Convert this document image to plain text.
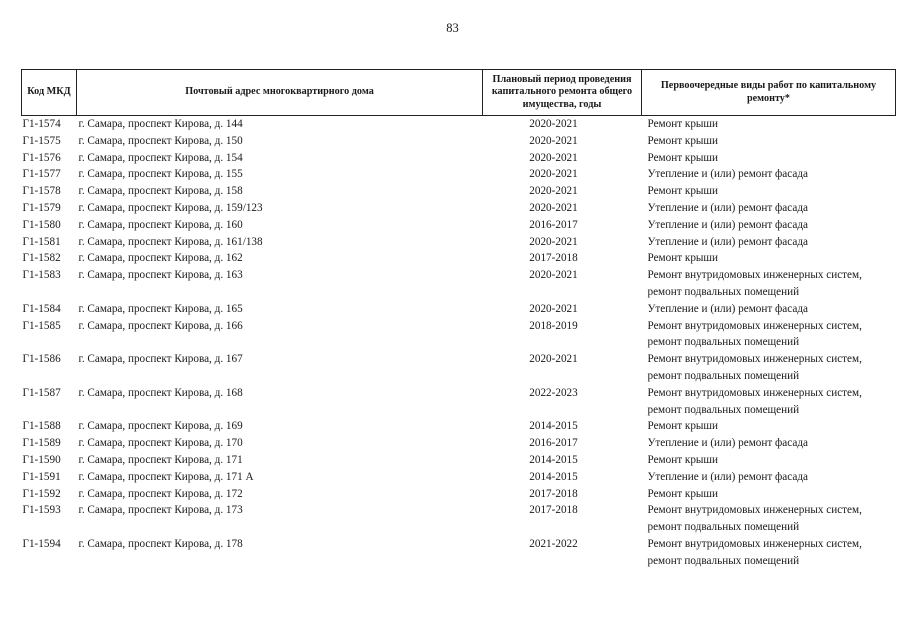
83
Код МКД	Почтовый адрес многоквартирного дома	Плановый период проведения капитального ремонта общего имущества, годы	Первоочередные виды работ по капитальному ремонту*
Г1-1574	г. Самара, проспект Кирова, д. 144	2020-2021	Ремонт крыши

Г1-1575	г. Самара, проспект Кирова, д. 150	2020-2021	Ремонт крыши

Г1-1576	г. Самара, проспект Кирова, д. 154	2020-2021	Ремонт крыши

Г1-1577	г. Самара, проспект Кирова, д. 155	2020-2021	Утепление и (или) ремонт фасада

Г1-1578	г. Самара, проспект Кирова, д. 158	2020-2021	Ремонт крыши

Г1-1579	г. Самара, проспект Кирова, д. 159/123	2020-2021	Утепление и (или) ремонт фасада

Г1-1580	г. Самара, проспект Кирова, д. 160	2016-2017	Утепление и (или) ремонт фасада

Г1-1581	г. Самара, проспект Кирова, д. 161/138	2020-2021	Утепление и (или) ремонт фасада

Г1-1582	г. Самара, проспект Кирова, д. 162	2017-2018	Ремонт крыши

Г1-1583	г. Самара, проспект Кирова, д. 163	2020-2021	Ремонт внутридомовых инженерных систем,
ремонт подвальных помещений

Г1-1584	г. Самара, проспект Кирова, д. 165	2020-2021	Утепление и (или) ремонт фасада

Г1-1585	г. Самара, проспект Кирова, д. 166	2018-2019	Ремонт внутридомовых инженерных систем,
ремонт подвальных помещений

Г1-1586	г. Самара, проспект Кирова, д. 167	2020-2021	Ремонт внутридомовых инженерных систем,
ремонт подвальных помещений

Г1-1587	г. Самара, проспект Кирова, д. 168	2022-2023	Ремонт внутридомовых инженерных систем,
ремонт подвальных помещений

Г1-1588	г. Самара, проспект Кирова, д. 169	2014-2015	Ремонт крыши

Г1-1589	г. Самара, проспект Кирова, д. 170	2016-2017	Утепление и (или) ремонт фасада

Г1-1590	г. Самара, проспект Кирова, д. 171	2014-2015	Ремонт крыши

Г1-1591	г. Самара, проспект Кирова, д. 171 А	2014-2015	Утепление и (или) ремонт фасада

Г1-1592	г. Самара, проспект Кирова, д. 172	2017-2018	Ремонт крыши

Г1-1593	г. Самара, проспект Кирова, д. 173	2017-2018	Ремонт внутридомовых инженерных систем,
ремонт подвальных помещений

Г1-1594	г. Самара, проспект Кирова, д. 178	2021-2022	Ремонт внутридомовых инженерных систем,
ремонт подвальных помещений
